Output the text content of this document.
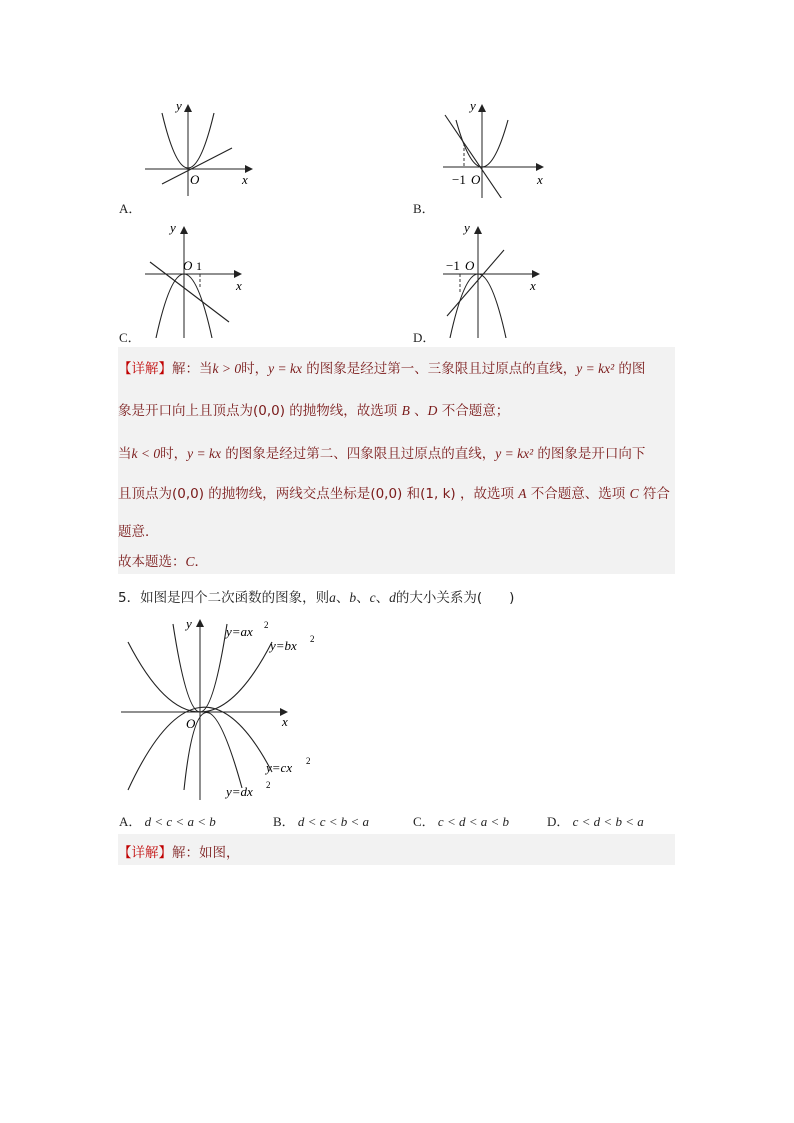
y
x
O
A．
y
x
−1 O
B．
y
x
O 1
C．
y
x
−1 O
D．
【详解】解：当k > 0时，y = kx 的图象是经过第一、三象限且过原点的直线，y = kx² 的图
象是开口向上且顶点为(0,0) 的抛物线，故选项 B 、D 不合题意；
当k < 0时，y = kx 的图象是经过第二、四象限且过原点的直线，y = kx² 的图象是开口向下
且顶点为(0,0) 的抛物线，两线交点坐标是(0,0) 和(1, k) ，故选项 A 不合题意、选项 C 符合
题意．
故本题选：C．
5．如图是四个二次函数的图象，则a、b、c、d的大小关系为(　　)
y
x
O
y=ax 2
y=bx 2
y=cx 2
y=dx 2
A． d < c < a < b	B． d < c < b < a	C． c < d < a < b	D． c < d < b < a
【详解】解：如图，
